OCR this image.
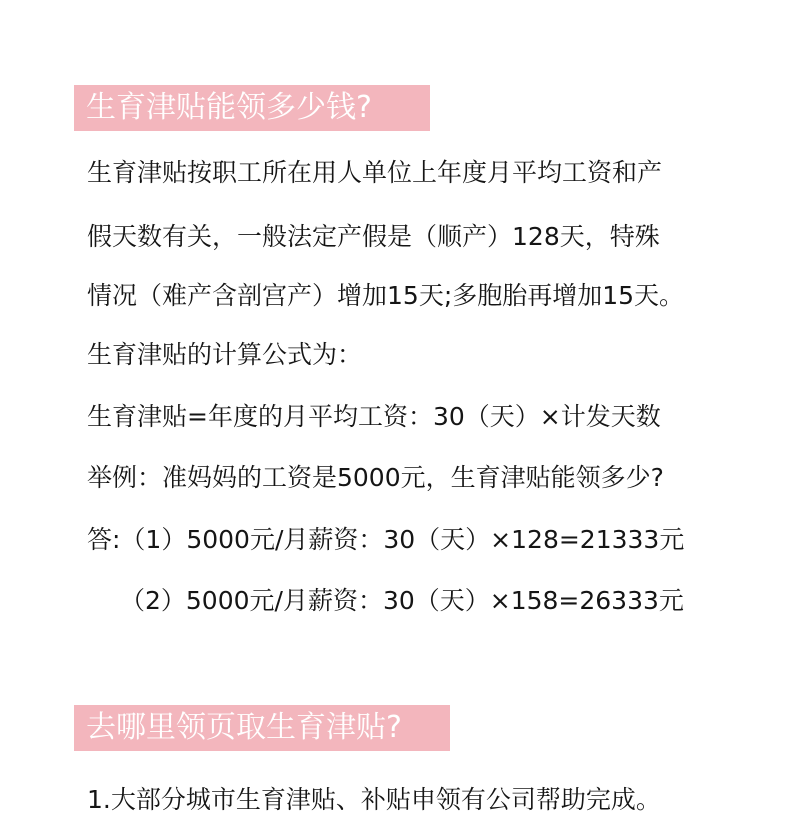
生育津贴能领多少钱?
生育津贴按职工所在用人单位上年度月平均工资和产
假天数有关，一般法定产假是（顺产）128天，特殊
情况（难产含剖宫产）增加15天;多胞胎再增加15天。
生育津贴的计算公式为：
生育津贴=年度的月平均工资：30（天）×计发天数
举例：准妈妈的工资是5000元，生育津贴能领多少?
答:（1）5000元/月薪资：30（天）×128=21333元
（2）5000元/月薪资：30（天）×158=26333元
去哪里领页取生育津贴?
1.大部分城市生育津贴、补贴申领有公司帮助完成。
